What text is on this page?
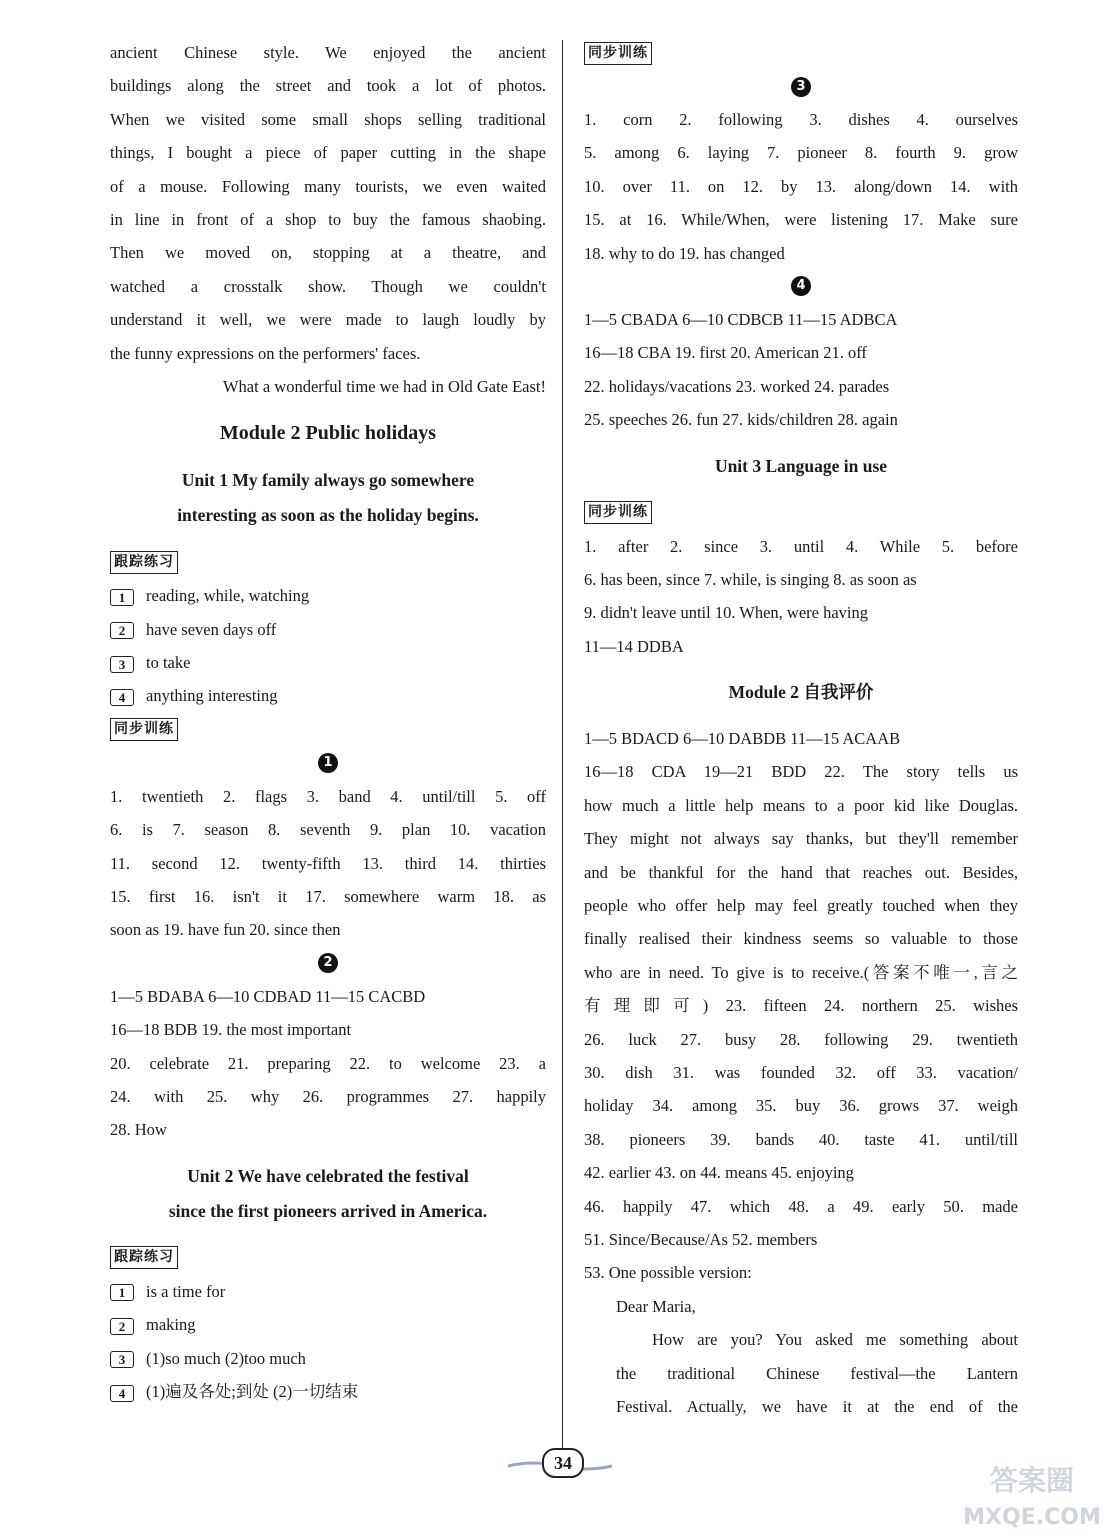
ancient Chinese style. We enjoyed the ancient
buildings along the street and took a lot of photos.
When we visited some small shops selling traditional
things, I bought a piece of paper cutting in the shape
of a mouse. Following many tourists, we even waited
in line in front of a shop to buy the famous shaobing.
Then we moved on, stopping at a theatre, and
watched a crosstalk show. Though we couldn't
understand it well, we were made to laugh loudly by
the funny expressions on the performers' faces.
What a wonderful time we had in Old Gate East!
Module 2 Public holidays
Unit 1 My family always go somewhere
interesting as soon as the holiday begins.
跟踪练习
1 reading, while, watching
2 have seven days off
3 to take
4 anything interesting
同步训练
1
1. twentieth 2. flags 3. band 4. until/till 5. off
6. is 7. season 8. seventh 9. plan 10. vacation
11. second 12. twenty-fifth 13. third 14. thirties
15. first 16. isn't it 17. somewhere warm 18. as
soon as 19. have fun 20. since then
2
1—5 BDABA 6—10 CDBAD 11—15 CACBD
16—18 BDB 19. the most important
20. celebrate 21. preparing 22. to welcome 23. a
24. with 25. why 26. programmes 27. happily
28. How
Unit 2 We have celebrated the festival
since the first pioneers arrived in America.
跟踪练习
1 is a time for
2 making
3 (1)so much (2)too much
4 (1)遍及各处;到处 (2)一切结束
同步训练
3
1. corn 2. following 3. dishes 4. ourselves
5. among 6. laying 7. pioneer 8. fourth 9. grow
10. over 11. on 12. by 13. along/down 14. with
15. at 16. While/When, were listening 17. Make sure
18. why to do 19. has changed
4
1—5 CBADA 6—10 CDBCB 11—15 ADBCA
16—18 CBA 19. first 20. American 21. off
22. holidays/vacations 23. worked 24. parades
25. speeches 26. fun 27. kids/children 28. again
Unit 3 Language in use
同步训练
1. after 2. since 3. until 4. While 5. before
6. has been, since 7. while, is singing 8. as soon as
9. didn't leave until 10. When, were having
11—14 DDBA
Module 2 自我评价
1—5 BDACD 6—10 DABDB 11—15 ACAAB
16—18 CDA 19—21 BDD 22. The story tells us
how much a little help means to a poor kid like Douglas.
They might not always say thanks, but they'll remember
and be thankful for the hand that reaches out. Besides,
people who offer help may feel greatly touched when they
finally realised their kindness seems so valuable to those
who are in need. To give is to receive.(答案不唯一,言之
有理即可) 23. fifteen 24. northern 25. wishes
26. luck 27. busy 28. following 29. twentieth
30. dish 31. was founded 32. off 33. vacation/
holiday 34. among 35. buy 36. grows 37. weigh
38. pioneers 39. bands 40. taste 41. until/till
42. earlier 43. on 44. means 45. enjoying
46. happily 47. which 48. a 49. early 50. made
51. Since/Because/As 52. members
53. One possible version:
Dear Maria,
How are you? You asked me something about
the traditional Chinese festival—the Lantern
Festival. Actually, we have it at the end of the
34
答案圈
MXQE.COM
